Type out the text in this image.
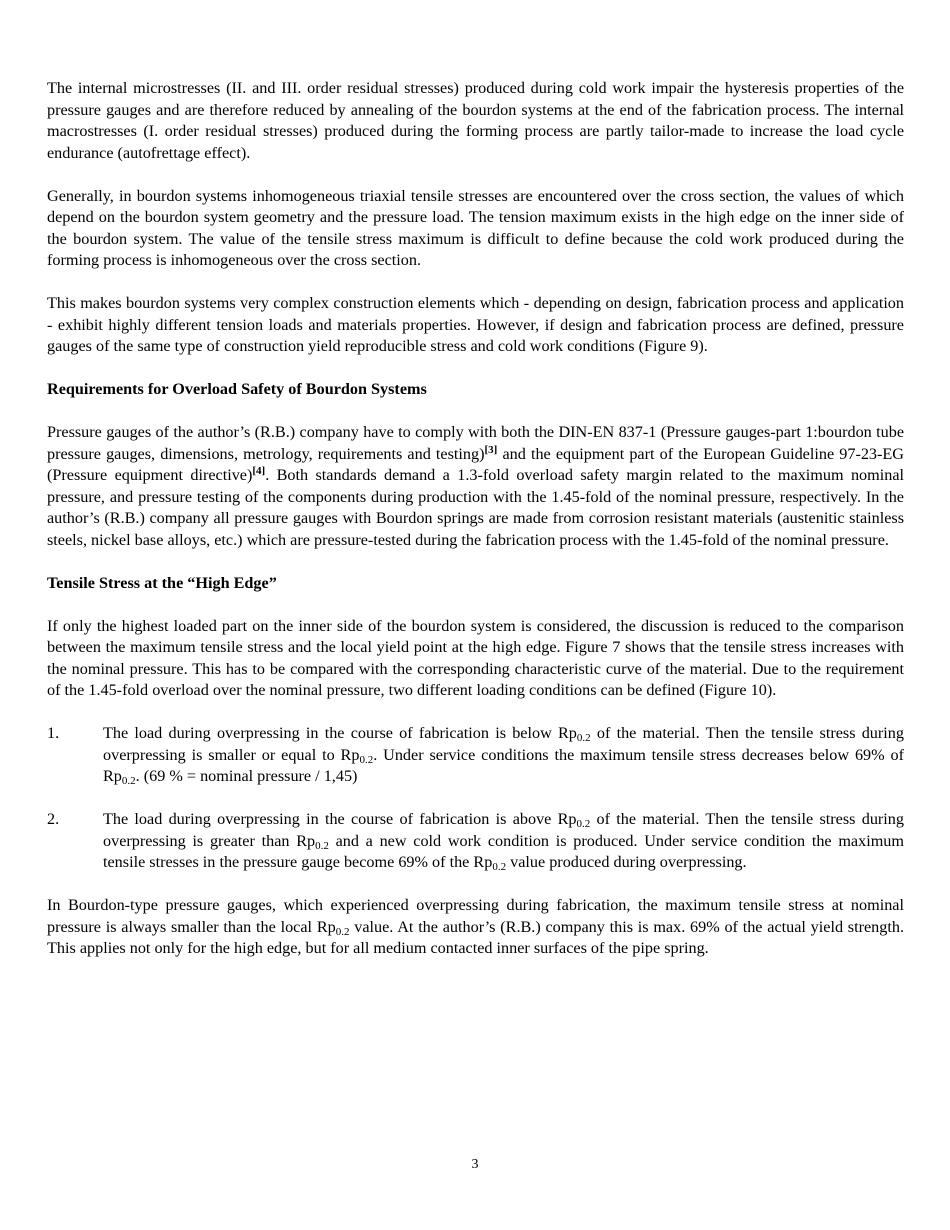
The internal microstresses (II. and III. order residual stresses) produced during cold work impair the hysteresis properties of the pressure gauges and are therefore reduced by annealing of the bourdon systems at the end of the fabrication process. The internal macrostresses (I. order residual stresses) produced during the forming process are partly tailor-made to increase the load cycle endurance (autofrettage effect).

Generally, in bourdon systems inhomogeneous triaxial tensile stresses are encountered over the cross section, the values of which depend on the bourdon system geometry and the pressure load. The tension maximum exists in the high edge on the inner side of the bourdon system. The value of the tensile stress maximum is difficult to define because the cold work produced during the forming process is inhomogeneous over the cross section.

This makes bourdon systems very complex construction elements which - depending on design, fabrication process and application - exhibit highly different tension loads and materials properties. However, if design and fabrication process are defined, pressure gauges of the same type of construction yield reproducible stress and cold work conditions (Figure 9).

Requirements for Overload Safety of Bourdon Systems

Pressure gauges of the author’s (R.B.) company have to comply with both the DIN-EN 837-1 (Pressure gauges-part 1:bourdon tube pressure gauges, dimensions, metrology, requirements and testing)[3] and the equipment part of the European Guideline 97-23-EG (Pressure equipment directive)[4]. Both standards demand a 1.3-fold overload safety margin related to the maximum nominal pressure, and pressure testing of the components during production with the 1.45-fold of the nominal pressure, respectively. In the author’s (R.B.) company all pressure gauges with Bourdon springs are made from corrosion resistant materials (austenitic stainless steels, nickel base alloys, etc.) which are pressure-tested during the fabrication process with the 1.45-fold of the nominal pressure.

Tensile Stress at the “High Edge”

If only the highest loaded part on the inner side of the bourdon system is considered, the discussion is reduced to the comparison between the maximum tensile stress and the local yield point at the high edge. Figure 7 shows that the tensile stress increases with the nominal pressure. This has to be compared with the corresponding characteristic curve of the material. Due to the requirement of the 1.45-fold overload over the nominal pressure, two different loading conditions can be defined (Figure 10).

1.	The load during overpressing in the course of fabrication is below $Rp_{0.2}$ of the material. Then the tensile stress during overpressing is smaller or equal to $Rp_{0.2}$. Under service conditions the maximum tensile stress decreases below 69% of $Rp_{0.2}$. (69 % = nominal pressure / 1,45)

2.	The load during overpressing in the course of fabrication is above $Rp_{0.2}$ of the material. Then the tensile stress during overpressing is greater than $Rp_{0.2}$ and a new cold work condition is produced. Under service condition the maximum tensile stresses in the pressure gauge become 69% of the $Rp_{0.2}$ value produced during overpressing.

In Bourdon-type pressure gauges, which experienced overpressing during fabrication, the maximum tensile stress at nominal pressure is always smaller than the local $Rp_{0.2}$ value. At the author’s (R.B.) company this is max. 69% of the actual yield strength. This applies not only for the high edge, but for all medium contacted inner surfaces of the pipe spring.

3
